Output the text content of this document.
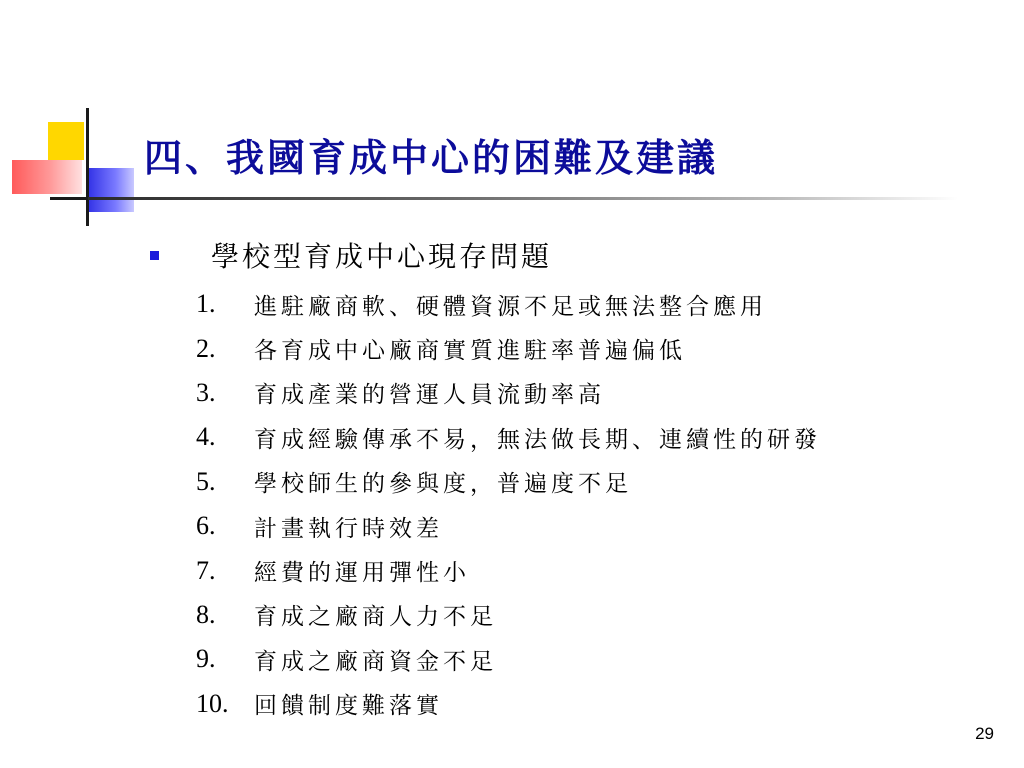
四、我國育成中心的困難及建議
學校型育成中心現存問題
1.	進駐廠商軟、硬體資源不足或無法整合應用
2.	各育成中心廠商實質進駐率普遍偏低
3.	育成產業的營運人員流動率高
4.	育成經驗傳承不易，無法做長期、連續性的研發
5.	學校師生的參與度，普遍度不足
6.	計畫執行時效差
7.	經費的運用彈性小
8.	育成之廠商人力不足
9.	育成之廠商資金不足
10.	回饋制度難落實
29
